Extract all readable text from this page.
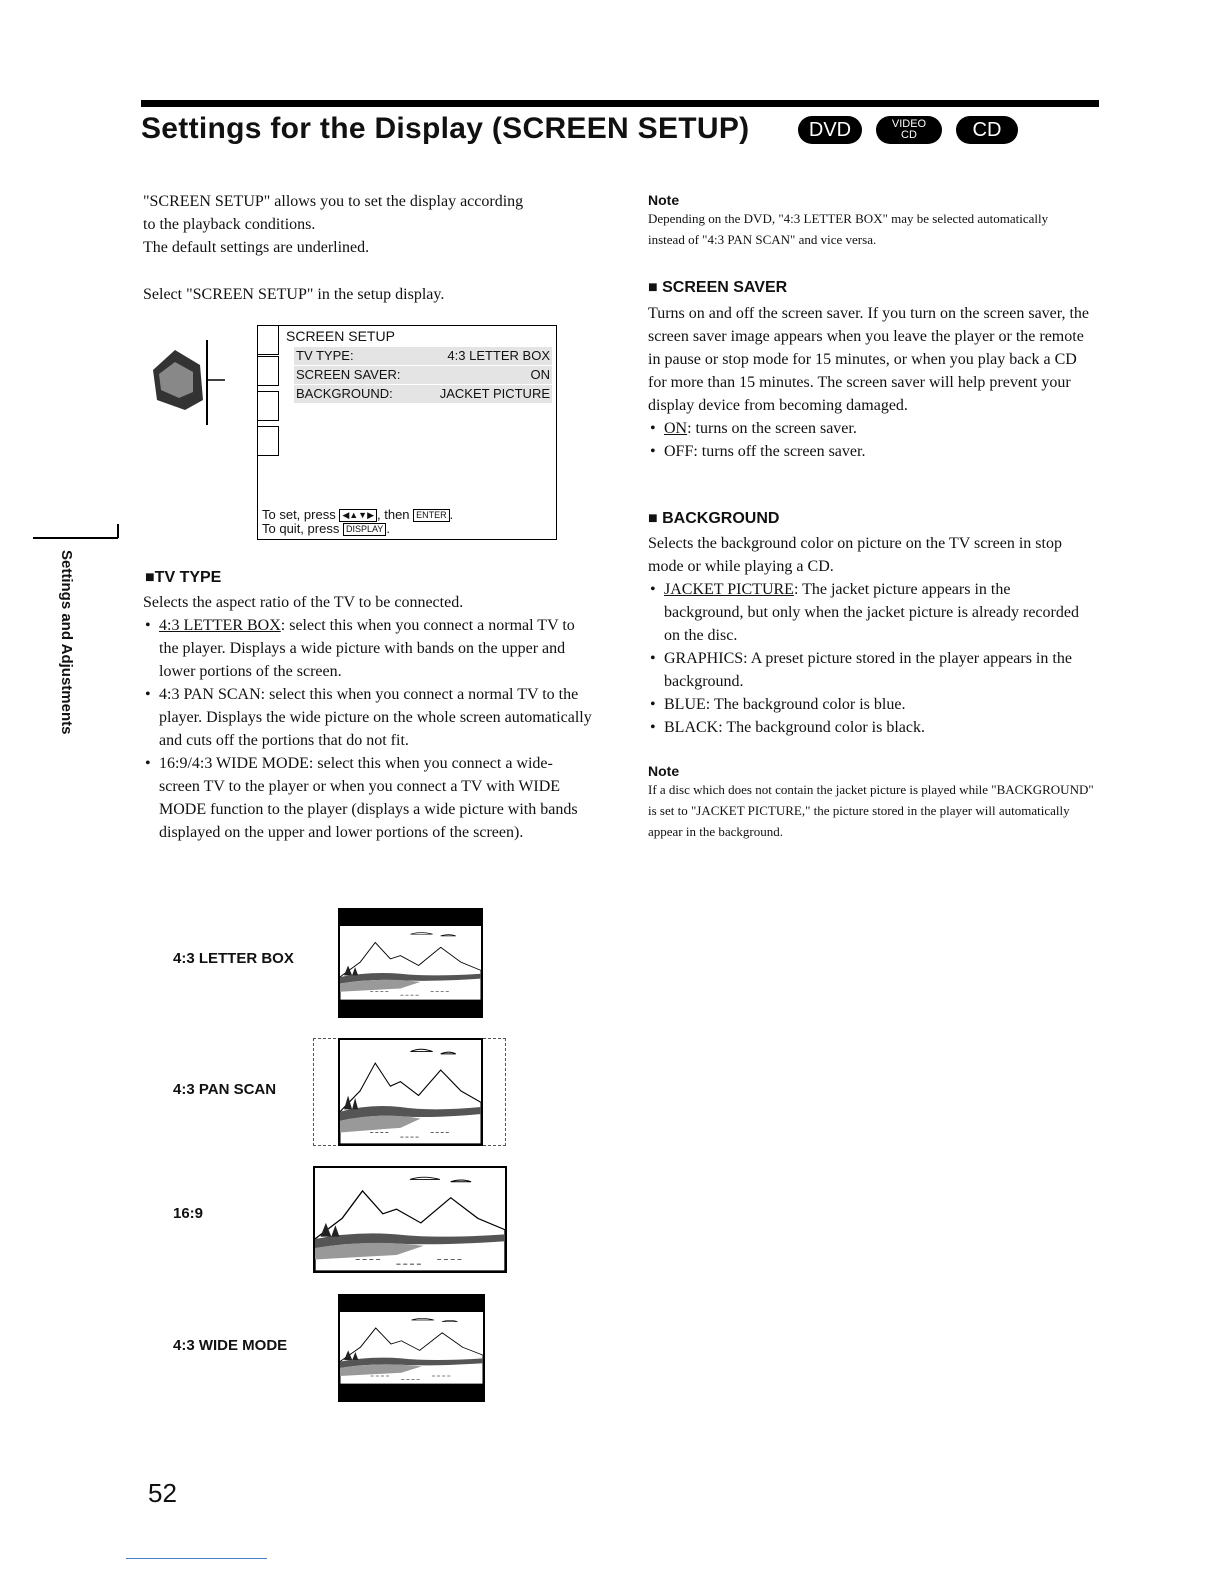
Settings for the Display (SCREEN SETUP)	DVD	VIDEO
CD	CD
"SCREEN SETUP" allows you to set the display according
to the playback conditions.
The default settings are underlined.
Select "SCREEN SETUP" in the setup display.
SCREEN SETUP
TV TYPE:	4:3 LETTER BOX
SCREEN SAVER:	ON
BACKGROUND:	JACKET PICTURE
To set, press ◀▲▼▶ , then ENTER .
To quit, press DISPLAY .
Settings and Adjustments	■TV TYPE
Selects the aspect ratio of the TV to be connected.
• 4:3 LETTER BOX: select this when you connect a normal TV to the player. Displays a wide picture with bands on the upper and lower portions of the screen.
• 4:3 PAN SCAN: select this when you connect a normal TV to the player. Displays the wide picture on the whole screen automatically and cuts off the portions that do not fit.
• 16:9/4:3 WIDE MODE: select this when you connect a wide-screen TV to the player or when you connect a TV with WIDE MODE function to the player (displays a wide picture with bands displayed on the upper and lower portions of the screen).
4:3 LETTER BOX
4:3 PAN SCAN
16:9
4:3 WIDE MODE
Note
Depending on the DVD, "4:3 LETTER BOX" may be selected automatically instead of "4:3 PAN SCAN" and vice versa.
■ SCREEN SAVER
Turns on and off the screen saver. If you turn on the screen saver, the screen saver image appears when you leave the player or the remote in pause or stop mode for 15 minutes, or when you play back a CD for more than 15 minutes. The screen saver will help prevent your display device from becoming damaged.
• ON: turns on the screen saver.
• OFF: turns off the screen saver.
■ BACKGROUND
Selects the background color on picture on the TV screen in stop mode or while playing a CD.
• JACKET PICTURE: The jacket picture appears in the background, but only when the jacket picture is already recorded on the disc.
• GRAPHICS: A preset picture stored in the player appears in the background.
• BLUE: The background color is blue.
• BLACK: The background color is black.
Note
If a disc which does not contain the jacket picture is played while "BACKGROUND" is set to "JACKET PICTURE," the picture stored in the player will automatically appear in the background.
52
